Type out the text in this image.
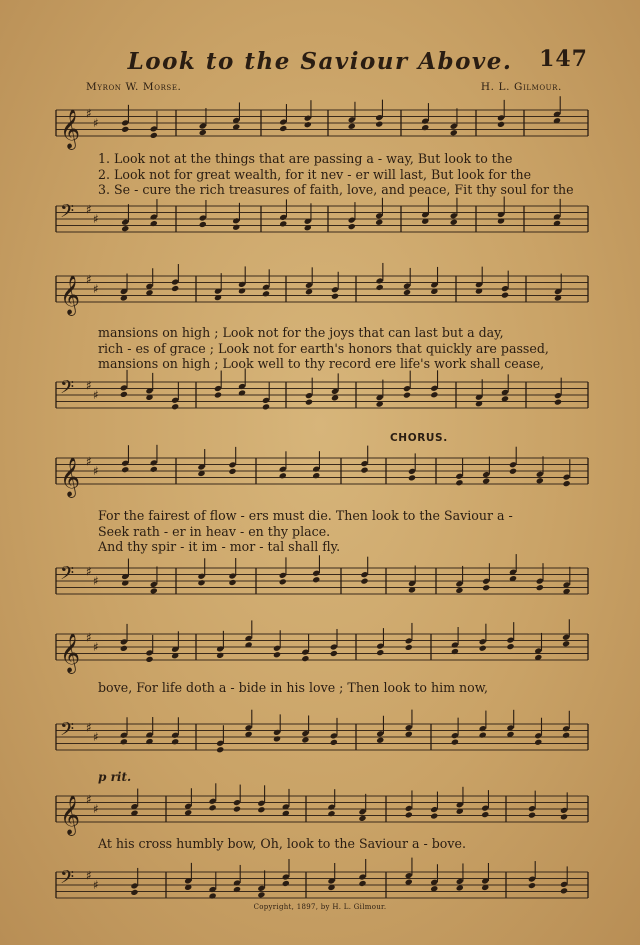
147
Look to the Saviour Above.
Myron W. Morse.	H. L. Gilmour.
𝄞 ♯
♯
1. Look not at the things that are passing a - way, But look to the
2. Look not for great wealth, for it nev - er will last, But look for the
3. Se - cure the rich treasures of faith, love, and peace, Fit thy soul for the
𝄢 ♯
♯
𝄞 ♯
♯
mansions on high ; Look not for the joys that can last but a day,
rich - es of grace ; Look not for earth's honors that quickly are passed,
mansions on high ; Look well to thy record ere life's work shall cease,
𝄢 ♯
♯
CHORUS.
𝄞 ♯
♯
For the fairest of flow - ers must die. Then look to the Saviour a -
Seek rath - er in heav - en thy place.
And thy spir - it im - mor - tal shall fly.
𝄢 ♯
♯
𝄞 ♯
♯
bove, For life doth a - bide in his love ; Then look to him now,
𝄢 ♯
♯
p rit.
𝄞 ♯
♯
At his cross humbly bow, Oh, look to the Saviour a - bove.
𝄢 ♯
♯
Copyright, 1897, by H. L. Gilmour.
